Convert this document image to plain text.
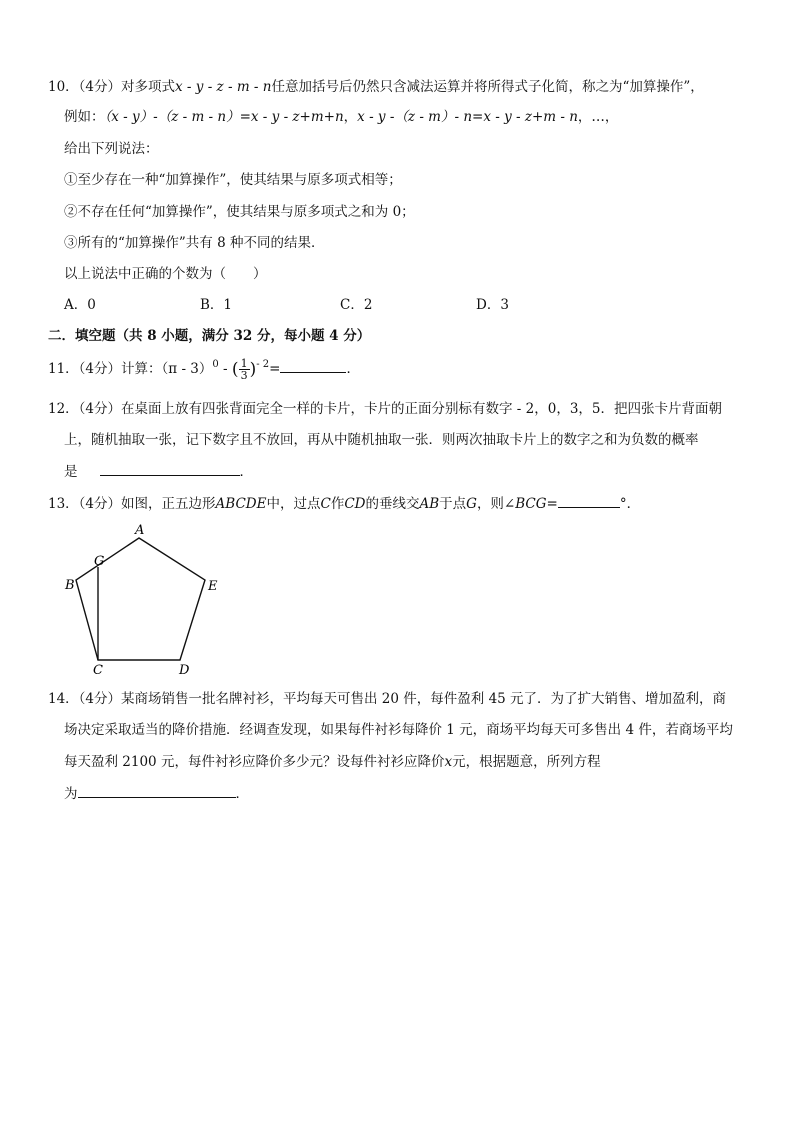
10．（4分）对多项式x - y - z - m - n任意加括号后仍然只含减法运算并将所得式子化简，称之为“加算操作”，
例如：（x - y）-（z - m - n）=x - y - z+m+n，x - y -（z - m）- n=x - y - z+m - n，…，
给出下列说法：
①至少存在一种“加算操作”，使其结果与原多项式相等；
②不存在任何“加算操作”，使其结果与原多项式之和为 0；
③所有的“加算操作”共有 8 种不同的结果．
以上说法中正确的个数为（　　）
A．0	B．1	C．2	D．3
二．填空题（共 8 小题，满分 32 分，每小题 4 分）
11．（4分）计算：（π - 3）$^0$ - ( $\frac{1}{3} )^{- 2}=$	．
12．（4分）在桌面上放有四张背面完全一样的卡片，卡片的正面分别标有数字 - 2，0，3，5．把四张卡片背面朝
上，随机抽取一张，记下数字且不放回，再从中随机抽取一张．则两次抽取卡片上的数字之和为负数的概率
是	．
13．（4分）如图，正五边形ABCDE中，过点C作CD的垂线交AB于点G，则∠BCG=	°．
A
E
D
C
B
G
14．（4分）某商场销售一批名牌衬衫，平均每天可售出 20 件，每件盈利 45 元了．为了扩大销售、增加盈利，商
场决定采取适当的降价措施．经调查发现，如果每件衬衫每降价 1 元，商场平均每天可多售出 4 件，若商场平均
每天盈利 2100 元，每件衬衫应降价多少元？设每件衬衫应降价x元，根据题意，所列方程
为	．
